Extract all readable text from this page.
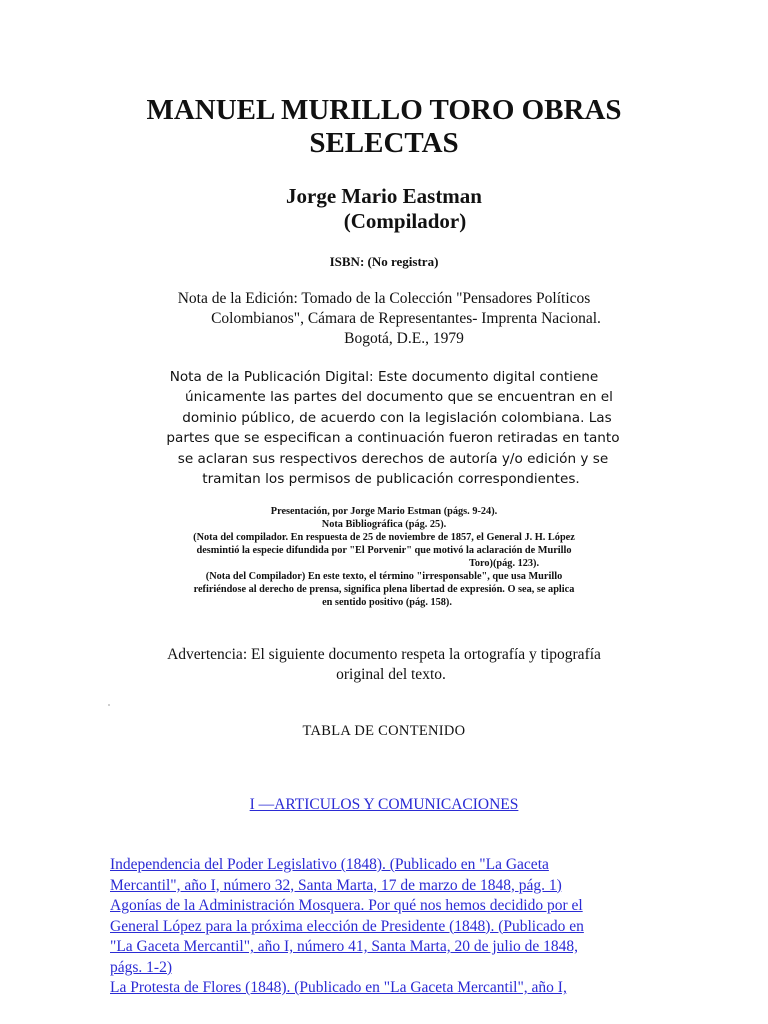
MANUEL MURILLO TORO OBRAS SELECTAS
Jorge Mario Eastman
(Compilador)

ISBN: (No registra)

Nota de la Edición: Tomado de la Colección "Pensadores Políticos
Colombianos", Cámara de Representantes- Imprenta Nacional.
Bogotá, D.E., 1979
Nota de la Publicación Digital: Este documento digital contiene
únicamente las partes del documento que se encuentran en el
dominio público, de acuerdo con la legislación colombiana. Las
partes que se especifican a continuación fueron retiradas en tanto
se aclaran sus respectivos derechos de autoría y/o edición y se
tramitan los permisos de publicación correspondientes.
Presentación, por Jorge Mario Estman (págs. 9-24).
Nota Bibliográfica (pág. 25).
(Nota del compilador. En respuesta de 25 de noviembre de 1857, el General J. H. López
desmintió la especie difundida por "El Porvenir" que motivó la aclaración de Murillo
Toro)(pág. 123).
(Nota del Compilador) En este texto, el término "irresponsable", que usa Murillo
refiriéndose al derecho de prensa, significa plena libertad de expresión. O sea, se aplica
en sentido positivo (pág. 158).
Advertencia: El siguiente documento respeta la ortografía y tipografía
original del texto.

TABLA DE CONTENIDO

I —ARTICULOS Y COMUNICACIONES

Independencia del Poder Legislativo (1848). (Publicado en "La Gaceta
Mercantil", año I, número 32, Santa Marta, 17 de marzo de 1848, pág. 1)
Agonías de la Administración Mosquera. Por qué nos hemos decidido por el
General López para la próxima elección de Presidente (1848). (Publicado en
"La Gaceta Mercantil", año I, número 41, Santa Marta, 20 de julio de 1848,
págs. 1-2)
La Protesta de Flores (1848). (Publicado en "La Gaceta Mercantil", año I,
